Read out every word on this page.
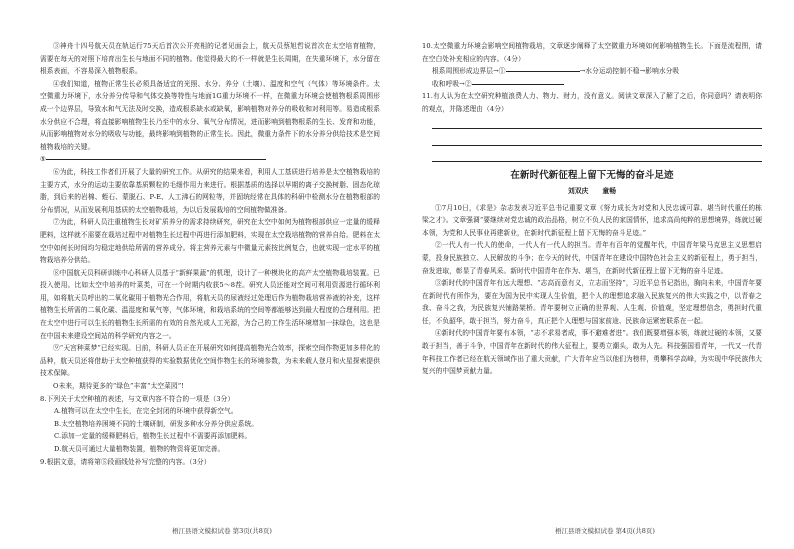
③神舟十四号航天员在轨运行75天后首次公开亮相的记者见面会上，航天员蔡旭哲说首次在太空培育植物，需要在每天的对照下培育出生长与地面不同的植物。他觉得最大的不一样就是生长周期，在失重环境下，水分留在根系表面，不容易深入植物根系。

④我们知道，植物正常生长必须具备适宜的光照、水分、养分（土壤）、温度和空气（气体）等环境条件。太空微重力环境下，水分养分传导和气体交换等特性与地面1G重力环境不一样，在微重力环境会使植物根系周围形成一个边界层，导致水和气无法及时交换，造成根系缺水或缺氧，影响植物对养分的吸收和对利用等。易造成根系水分供应不合理，将直接影响植物生长乃至中的水分、氧气分布情况，进而影响到植物根系的生长、发育和功能，从而影响植物对水分的吸收与功能，最终影响到植物的正常生长。因此，微重力条件下的水分养分供给技术是空间植物栽培的关键。

⑤

⑥为此，科技工作者们开展了大量的研究工作。从研究的结果来看，利用人工基质进行培养是太空植物栽培的主要方式，水分的运动主要依靠基质颗粒的毛细作用力来进行。根据基质的选择以早期的离子交换树脂、固态化琼脂，到后来的岩棉、蛭石、蒙脱石、P-E、人工沸石的网粒等，并固统经常在具体的科研中检测水分在植物根部的分布情况，从而发展利用基质的太空植物栽培，为以后发展栽培的空间植物做准备。

⑦为此，科研人员注重植物生长对矿质养分的需求持续研究，研究在太空中如何为植物根部供应一定量的缓释肥料，这样就不需要在栽培过程中对植物生长过程中再进行添加肥料，实现在太空栽培植物的营养自给。肥料在太空中如何长时间均匀稳定地供给所需的营养成分。将主营养元素与中微量元素按比例复合，也就实现一定水平的植物栽培养分供给。

⑧中国航天员科研训练中心科研人员基于“新鲜果蔬”的机理，设计了一种模块化的高产太空植物栽培装置。已投入使用。比如太空中培养的叶菜类，可在一个时期内收获5～8茬。研究人员还能对空间可利用资源进行循环利用，如将航天员呼出的二氧化碳用于植物光合作用，将航天员的尿液经过处理后作为植物栽培营养液的补充，这样植物生长所需的二氧化碳、温湿度和氧气等，气体环境，和栽培系统的空间等都能够达到最大程度的合理利用。把在太空中进行可以生长的植物生长所需的有效的自然光或人工光源，为合己的工作生活环境增加一抹绿色，这也是在中国未来建设空间站的科学研究内容之一。

⑨“天宫种菜梦”已经实现。日前，科研人员正在开展研究如何提高植物光合效率，探索空间作物更加多样化的品种，航天员还将借助于太空种植获得的实验数据优化空间作物生长的环境参数，为未来载人登月和火星探索提供技术保障。

O未来，期待更多的“绿色”丰富“太空菜园”!

8.下列关于太空种植的表述，与文章内容不符合的一项是（3分）

A.植物可以在太空中生长，在完全封闭的环境中获得新空气。

B.太空植物培养困境不同的土壤研制，研发多种水分养分供应系统。

C.添加一定量的缓释肥料后，植物生长过程中不需要再添加肥料。

D.航天员可通过大量植物装置，植物的物资将更加完善。

9.根据文意，请将第⑤段画线处补写完整的内容。（3分）

10.太空微重力环境会影响空间植物栽培，文章逐步阐释了太空微重力环境如何影响植物生长。下面是流程图，请在空白处补充相应的内容。（4分）

根系周围形成边界层→①	→水分运动控制不稳→影响水分吸

收和呼吸→②

11.有人认为在太空研究种植浪费人力、物力、财力，没有意义。阅读文章深入了解了之后，你同意吗？请表明你的观点，并陈述理由（4分）

在新时代新征程上留下无悔的奋斗足迹
刘双庆　　童畅

①7月10日，《求是》杂志发表习近平总书记重要文章《努力成长为对党和人民忠诚可靠、堪当时代重任的栋梁之才》。文章强调“要继续对党忠诚的政治品格，树立不负人民的家国情怀，追求高尚纯粹的思想境界，练就过硬本领，为党和人民事业再建新业，在新时代新征程上留下无悔的奋斗足迹。”

②一代人有一代人的使命，一代人有一代人的担当。青年有百年的觉醒年代，中国青年梁马克思主义思想启蒙，投身民族独立、人民解放的斗争；在今天的时代，中国青年在建设中国特色社会主义的新征程上，勇于担当，奋发进取，彰显了青春风采。新时代中国青年在作为、堪当，在新时代新征程上留下无悔的奋斗足迹。

③新时代的中国青年有远大理想、“志高而意有义，立志而坚持”，习近平总书记指出，胸向未来，中国青年要在新时代有所作为，要在为国为民中实现人生价值，把个人的理想追求融入民族复兴的伟大实践之中，以青春之我、奋斗之我，为民族复兴铺路架桥。青年要树立正确的世界观、人生观、价值观，坚定理想信念，勇担时代重任，不负韶华，敢于担当，努力奋斗，真正把个人理想与国家前途、民族命运紧密联系在一起。

④新时代的中国青年要有本领，“志不求易者成，事不避难者进”。我们既要增强本领，练就过硬的本领，又要敢于担当，善于斗争，中国青年在新时代的伟大征程上，要勇立潮头，敢为人先。科技强国看青年，一代又一代青年科技工作者已经在航天领域作出了重大贡献，广大青年应当以他们为榜样，勇攀科学高峰，为实现中华民族伟大复兴的中国梦贡献力量。

梧江县语文模拟试卷 第3页(共8页)	梧江县语文模拟试卷 第4页(共8页)
